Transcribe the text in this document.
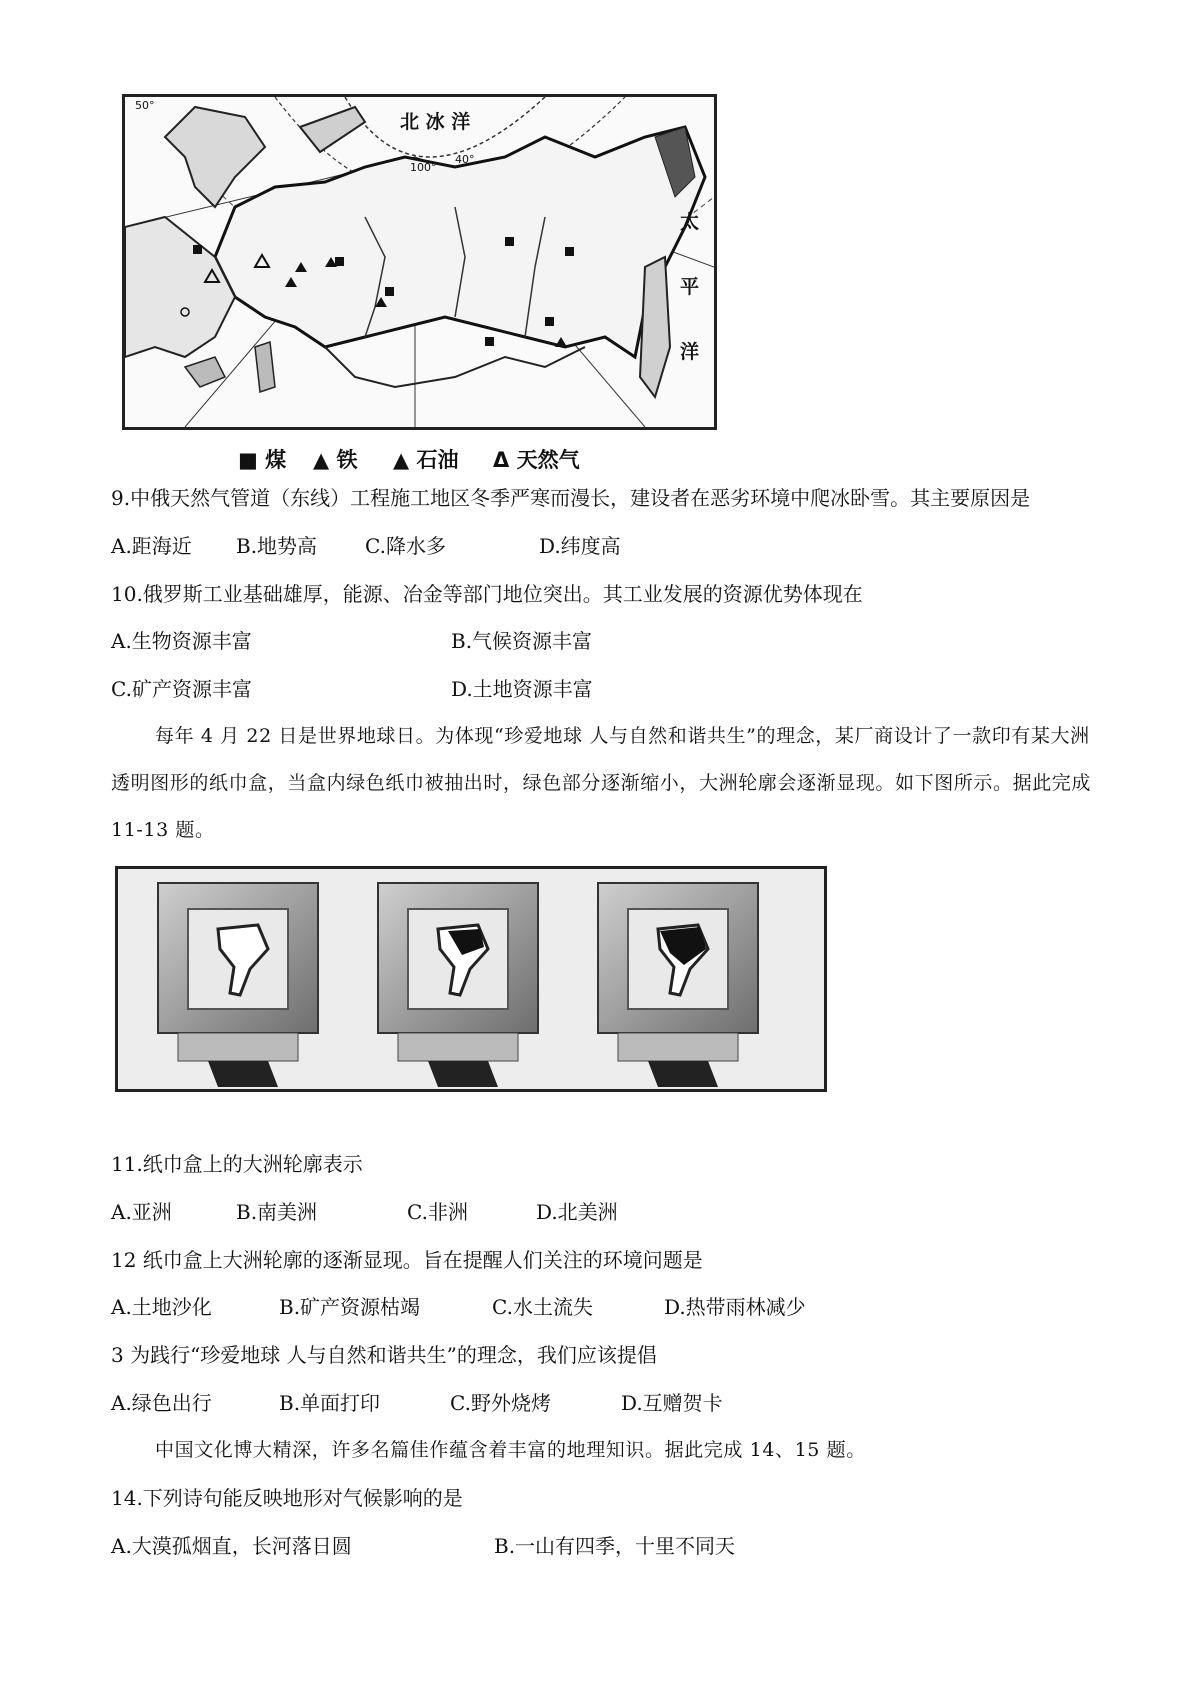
北 冰 洋
太
平
洋
100°
40°
50°
■ 煤 ▲ 铁 ▲ 石油 Δ 天然气
9.中俄天然气管道（东线）工程施工地区冬季严寒而漫长，建设者在恶劣环境中爬冰卧雪。其主要原因是
A.距海近 B.地势高 C.降水多	D.纬度高
10.俄罗斯工业基础雄厚，能源、冶金等部门地位突出。其工业发展的资源优势体现在
A.生物资源丰富	B.气候资源丰富
C.矿产资源丰富	D.土地资源丰富
每年 4 月 22 日是世界地球日。为体现“珍爱地球 人与自然和谐共生”的理念，某厂商设计了一款印有某大洲透明图形的纸巾盒，当盒内绿色纸巾被抽出时，绿色部分逐渐缩小，大洲轮廓会逐渐显现。如下图所示。据此完成 11-13 题。
11.纸巾盒上的大洲轮廓表示
A.亚洲	B.南美洲	C.非洲	D.北美洲
12 纸巾盒上大洲轮廓的逐渐显现。旨在提醒人们关注的环境问题是
A.土地沙化	B.矿产资源枯竭	C.水土流失	D.热带雨林减少
3 为践行“珍爱地球 人与自然和谐共生”的理念，我们应该提倡
A.绿色出行	B.单面打印	C.野外烧烤	D.互赠贺卡
中国文化博大精深，许多名篇佳作蕴含着丰富的地理知识。据此完成 14、15 题。
14.下列诗句能反映地形对气候影响的是
A.大漠孤烟直，长河落日圆	B.一山有四季，十里不同天
